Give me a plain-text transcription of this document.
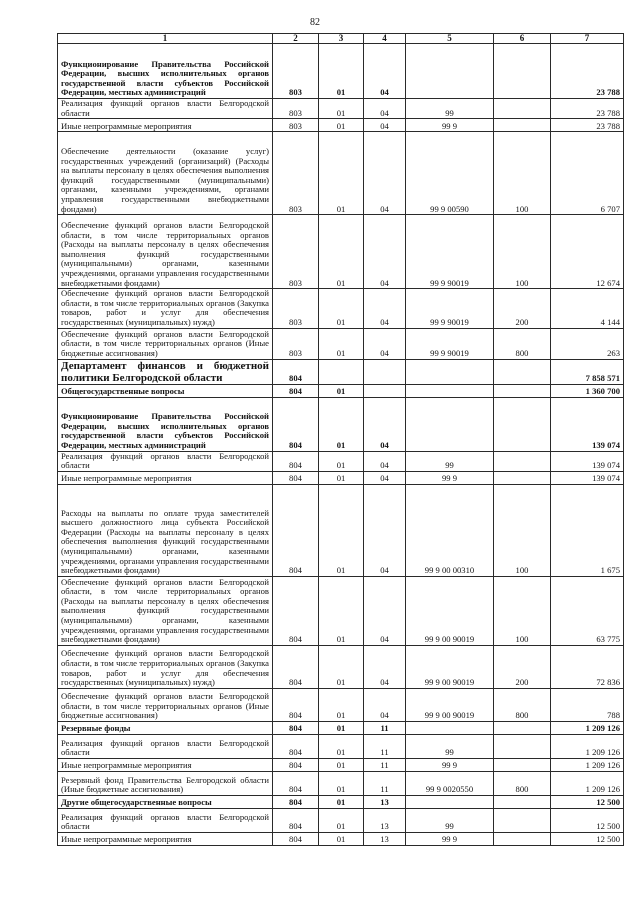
82
1	2	3	4	5	6	7
Функционирование Правительства Российской Федерации, высших исполнительных органов государственной власти субъектов Российской Федерации, местных администраций	803	01	04			23 788
Реализация функций органов власти Белгородской области	803	01	04	99		23 788
Иные непрограммные мероприятия	803	01	04	99 9		23 788
Обеспечение деятельности (оказание услуг) государственных учреждений (организаций) (Расходы на выплаты персоналу в целях обеспечения выполнения функций государственными (муниципальными) органами, казенными учреждениями, органами управления государственными внебюджетными фондами)	803	01	04	99 9 00590	100	6 707
Обеспечение функций органов власти Белгородской области, в том числе территориальных органов (Расходы на выплаты персоналу в целях обеспечения выполнения функций государственными (муниципальными) органами, казенными учреждениями, органами управления государственными внебюджетными фондами)	803	01	04	99 9 90019	100	12 674
Обеспечение функций органов власти Белгородской области, в том числе территориальных органов (Закупка товаров, работ и услуг для обеспечения государственных (муниципальных) нужд)	803	01	04	99 9 90019	200	4 144
Обеспечение функций органов власти Белгородской области, в том числе территориальных органов (Иные бюджетные ассигнования)	803	01	04	99 9 90019	800	263
Департамент финансов и бюджетной политики Белгородской области	804					7 858 571
Общегосударственные вопросы	804	01				1 360 700
Функционирование Правительства Российской Федерации, высших исполнительных органов государственной власти субъектов Российской Федерации, местных администраций	804	01	04			139 074
Реализация функций органов власти Белгородской области	804	01	04	99		139 074
Иные непрограммные мероприятия	804	01	04	99 9		139 074
Расходы на выплаты по оплате труда заместителей высшего должностного лица субъекта Российской Федерации (Расходы на выплаты персоналу в целях обеспечения выполнения функций государственными (муниципальными) органами, казенными учреждениями, органами управления государственными внебюджетными фондами)	804	01	04	99 9 00 00310	100	1 675
Обеспечение функций органов власти Белгородской области, в том числе территориальных органов (Расходы на выплаты персоналу в целях обеспечения выполнения функций государственными (муниципальными) органами, казенными учреждениями, органами управления государственными внебюджетными фондами)	804	01	04	99 9 00 90019	100	63 775
Обеспечение функций органов власти Белгородской области, в том числе территориальных органов (Закупка товаров, работ и услуг для обеспечения государственных (муниципальных) нужд)	804	01	04	99 9 00 90019	200	72 836
Обеспечение функций органов власти Белгородской области, в том числе территориальных органов (Иные бюджетные ассигнования)	804	01	04	99 9 00 90019	800	788
Резервные фонды	804	01	11			1 209 126
Реализация функций органов власти Белгородской области	804	01	11	99		1 209 126
Иные непрограммные мероприятия	804	01	11	99 9		1 209 126
Резервный фонд Правительства Белгородской области (Иные бюджетные ассигнования)	804	01	11	99 9 0020550	800	1 209 126
Другие общегосударственные вопросы	804	01	13			12 500
Реализация функций органов власти Белгородской области	804	01	13	99		12 500
Иные непрограммные мероприятия	804	01	13	99 9		12 500
